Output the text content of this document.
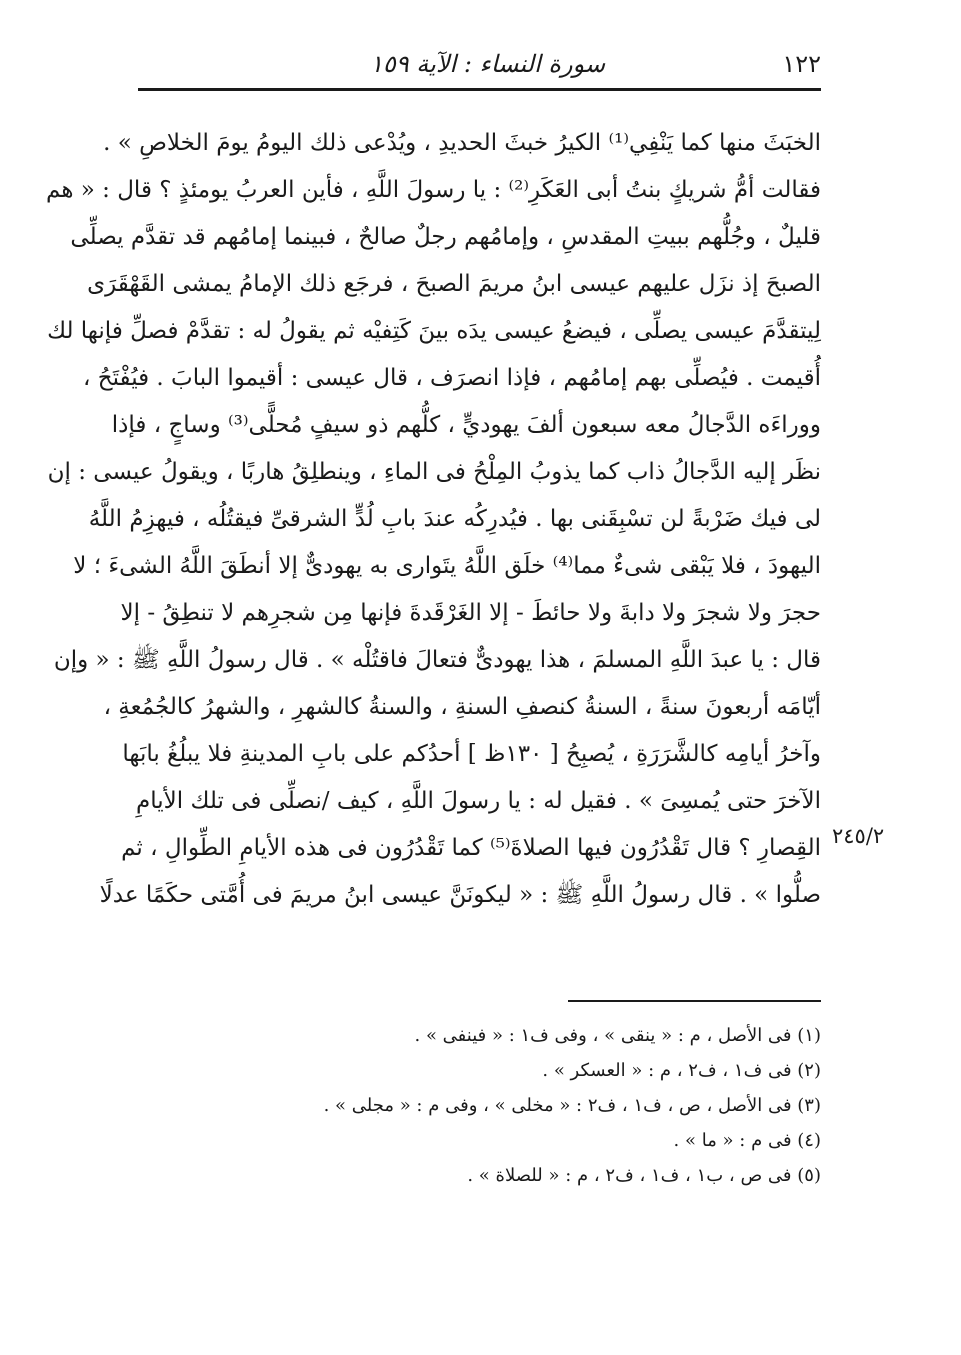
١٢٢
سورة النساء : الآية ١٥٩
الخبَثَ منها كما يَنْفِي⁽¹⁾ الكيرُ خبثَ الحديدِ ، ويُدْعى ذلك اليومُ يومَ الخلاصِ » .
فقالت أمُّ شريكٍ بنتُ أبى العَكَرِ⁽²⁾ : يا رسولَ اللَّهِ ، فأين العربُ يومئذٍ ؟ قال : « هم
قليلٌ ، وجُلُّهم ببيتِ المقدسِ ، وإمامُهم رجلٌ صالحٌ ، فبينما إمامُهم قد تقدَّم يصلِّى
الصبحَ إذ نزَل عليهم عيسى ابنُ مريمَ الصبحَ ، فرجَع ذلك الإمامُ يمشى القَهْقَرَى
لِيتقدَّمَ عيسى يصلِّى ، فيضعُ عيسى يدَه بينَ كَتِفيْه ثم يقولُ له : تقدَّمْ فصلِّ فإنها لك
أُقيمت . فيُصلِّى بهم إمامُهم ، فإذا انصرَف ، قال عيسى : أقيموا البابَ . فيُفْتَحُ ،
ووراءَه الدَّجالُ معه سبعون ألفَ يهوديٍّ ، كلُّهم ذو سيفٍ مُحلًّى⁽³⁾ وساجٍ ، فإذا
نظَر إليه الدَّجالُ ذاب كما يذوبُ المِلْحُ فى الماءِ ، وينطلِقُ هاربًا ، ويقولُ عيسى : إن
لى فيك ضَرْبةً لن تسْبِقَنى بها . فيُدرِكُه عندَ بابِ لُدٍّ الشرقىِّ فيقتُلُه ، فيهزِمُ اللَّهُ
اليهودَ ، فلا يَبْقى شىءٌ مما⁽⁴⁾ خلَق اللَّهُ يتَوارى به يهودىٌّ إلا أنطَقَ اللَّهُ الشىءَ ؛ لا
حجرَ ولا شجرَ ولا دابةَ ولا حائطَ - إلا الغَرْقَدةَ فإنها مِن شجرِهم لا تنطِقُ - إلا
قال : يا عبدَ اللَّهِ المسلمَ ، هذا يهودىٌّ فتعالَ فاقتُلْه » . قال رسولُ اللَّهِ ﷺ : « وإن
أيّامَه أربعونَ سنةً ، السنةُ كنصفِ السنةِ ، والسنةُ كالشهرِ ، والشهرُ كالجُمُعةِ ،
وآخرُ أيامِه كالشَّرَرَةِ ، يُصبِحُ [ ١٣٠ظ ] أحدُكم على بابِ المدينةِ فلا يبلُغُ بابَها
الآخرَ حتى يُمسِىَ » . فقيل له : يا رسولَ اللَّهِ ، كيف /نصلِّى فى تلك الأيامِ
القِصارِ ؟ قال تَقْدُرُون فيها الصلاةَ⁽⁵⁾ كما تَقْدُرُون فى هذه الأيامِ الطِّوالِ ، ثم
صلُّوا » . قال رسولُ اللَّهِ ﷺ : « ليكونَنَّ عيسى ابنُ مريمَ فى أُمَّتى حكَمًا عدلًا
٢٤٥/٢
(١) فى الأصل ، م : « ينقى » ، وفى ف١ : « فينفى » .
(٢) فى ف١ ، ف٢ ، م : « العسكر » .
(٣) فى الأصل ، ص ، ف١ ، ف٢ : « مخلى » ، وفى م : « مجلى » .
(٤) فى م : « ما » .
(٥) فى ص ، ب١ ، ف١ ، ف٢ ، م : « للصلاة » .
